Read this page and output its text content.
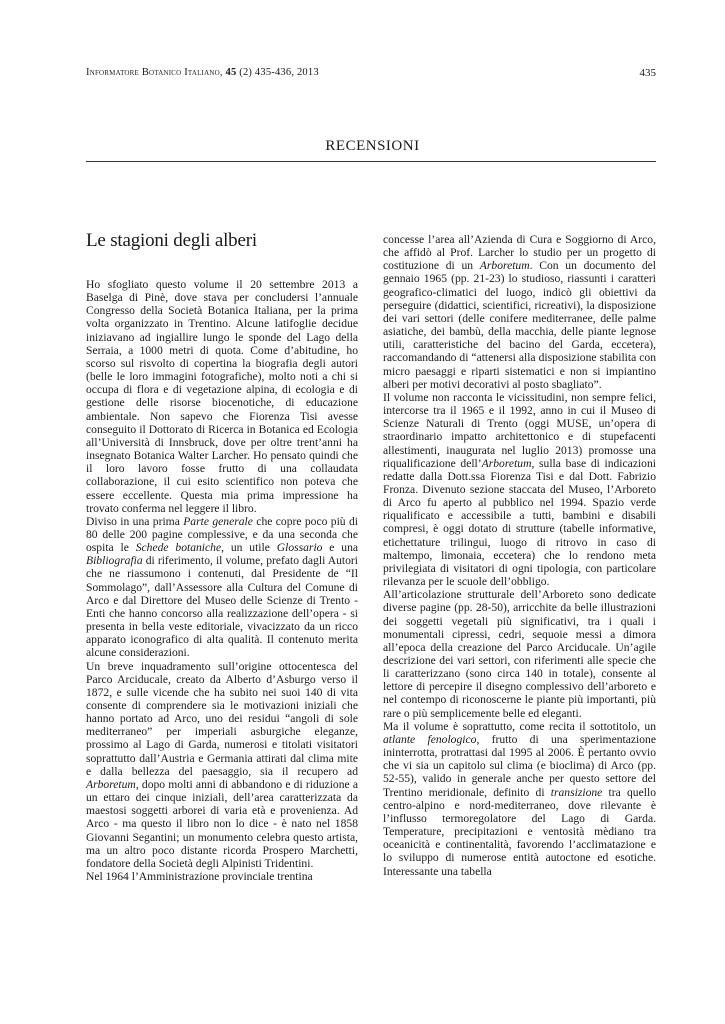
Informatore Botanico Italiano, 45 (2) 435-436, 2013	435
RECENSIONI
Le stagioni degli alberi

Ho sfogliato questo volume il 20 settembre 2013 a Baselga di Pinè, dove stava per concludersi l’annuale Congresso della Società Botanica Italiana, per la prima volta organizzato in Trentino. Alcune latifoglie decidue iniziavano ad ingiallire lungo le sponde del Lago della Serraia, a 1000 metri di quota. Come d’abitudine, ho scorso sul risvolto di copertina la biografia degli autori (belle le loro immagini fotografiche), molto noti a chi si occupa di flora e di vegetazione alpina, di ecologia e di gestione delle risorse biocenotiche, di educazione ambientale. Non sapevo che Fiorenza Tisi avesse conseguito il Dottorato di Ricerca in Botanica ed Ecologia all’Università di Innsbruck, dove per oltre trent’anni ha insegnato Botanica Walter Larcher. Ho pensato quindi che il loro lavoro fosse frutto di una collaudata collaborazione, il cui esito scientifico non poteva che essere eccellente. Questa mia prima impressione ha trovato conferma nel leggere il libro.

Diviso in una prima Parte generale che copre poco più di 80 delle 200 pagine complessive, e da una seconda che ospita le Schede botaniche, un utile Glossario e una Bibliografia di riferimento, il volume, prefato dagli Autori che ne riassumono i contenuti, dal Presidente de “Il Sommolago”, dall’Assessore alla Cultura del Comune di Arco e dal Direttore del Museo delle Scienze di Trento - Enti che hanno concorso alla realizzazione dell’opera - si presenta in bella veste editoriale, vivacizzato da un ricco apparato iconografico di alta qualità. Il contenuto merita alcune considerazioni.

Un breve inquadramento sull’origine ottocentesca del Parco Arciducale, creato da Alberto d’Asburgo verso il 1872, e sulle vicende che ha subito nei suoi 140 di vita consente di comprendere sia le motivazioni iniziali che hanno portato ad Arco, uno dei residui “angoli di sole mediterraneo” per imperiali asburgiche eleganze, prossimo al Lago di Garda, numerosi e titolati visitatori soprattutto dall’Austria e Germania attirati dal clima mite e dalla bellezza del paesaggio, sia il recupero ad Arboretum, dopo molti anni di abbandono e di riduzione a un ettaro dei cinque iniziali, dell’area caratterizzata da maestosi soggetti arborei di varia età e provenienza. Ad Arco - ma questo il libro non lo dice - è nato nel 1858 Giovanni Segantini; un monumento celebra questo artista, ma un altro poco distante ricorda Prospero Marchetti, fondatore della Società degli Alpinisti Tridentini.

Nel 1964 l’Amministrazione provinciale trentina

concesse l’area all’Azienda di Cura e Soggiorno di Arco, che affidò al Prof. Larcher lo studio per un progetto di costituzione di un Arboretum. Con un documento del gennaio 1965 (pp. 21-23) lo studioso, riassunti i caratteri geografico-climatici del luogo, indicò gli obiettivi da perseguire (didattici, scientifici, ricreativi), la disposizione dei vari settori (delle conifere mediterranee, delle palme asiatiche, dei bambù, della macchia, delle piante legnose utili, caratteristiche del bacino del Garda, eccetera), raccomandando di “attenersi alla disposizione stabilita con micro paesaggi e riparti sistematici e non si impiantino alberi per motivi decorativi al posto sbagliato”.

Il volume non racconta le vicissitudini, non sempre felici, intercorse tra il 1965 e il 1992, anno in cui il Museo di Scienze Naturali di Trento (oggi MUSE, un’opera di straordinario impatto architettonico e di stupefacenti allestimenti, inaugurata nel luglio 2013) promosse una riqualificazione dell’Arboretum, sulla base di indicazioni redatte dalla Dott.ssa Fiorenza Tisi e dal Dott. Fabrizio Fronza. Divenuto sezione staccata del Museo, l’Arboreto di Arco fu aperto al pubblico nel 1994. Spazio verde riqualificato e accessibile a tutti, bambini e disabili compresi, è oggi dotato di strutture (tabelle informative, etichettature trilingui, luogo di ritrovo in caso di maltempo, limonaia, eccetera) che lo rendono meta privilegiata di visitatori di ogni tipologia, con particolare rilevanza per le scuole dell’obbligo.

All’articolazione strutturale dell’Arboreto sono dedicate diverse pagine (pp. 28-50), arricchite da belle illustrazioni dei soggetti vegetali più significativi, tra i quali i monumentali cipressi, cedri, sequoie messi a dimora all’epoca della creazione del Parco Arciducale. Un’agile descrizione dei vari settori, con riferimenti alle specie che li caratterizzano (sono circa 140 in totale), consente al lettore di percepire il disegno complessivo dell’arboreto e nel contempo di riconoscerne le piante più importanti, più rare o più semplicemente belle ed eleganti.

Ma il volume è soprattutto, come recita il sottotitolo, un atlante fenologico, frutto di una sperimentazione ininterrotta, protrattasi dal 1995 al 2006. È pertanto ovvio che vi sia un capitolo sul clima (e bioclima) di Arco (pp. 52-55), valido in generale anche per questo settore del Trentino meridionale, definito di transizione tra quello centro-alpino e nord-mediterraneo, dove rilevante è l’influsso termoregolatore del Lago di Garda. Temperature, precipitazioni e ventosità mèdiano tra oceanicità e continentalità, favorendo l’acclimatazione e lo sviluppo di numerose entità autoctone ed esotiche. Interessante una tabella
